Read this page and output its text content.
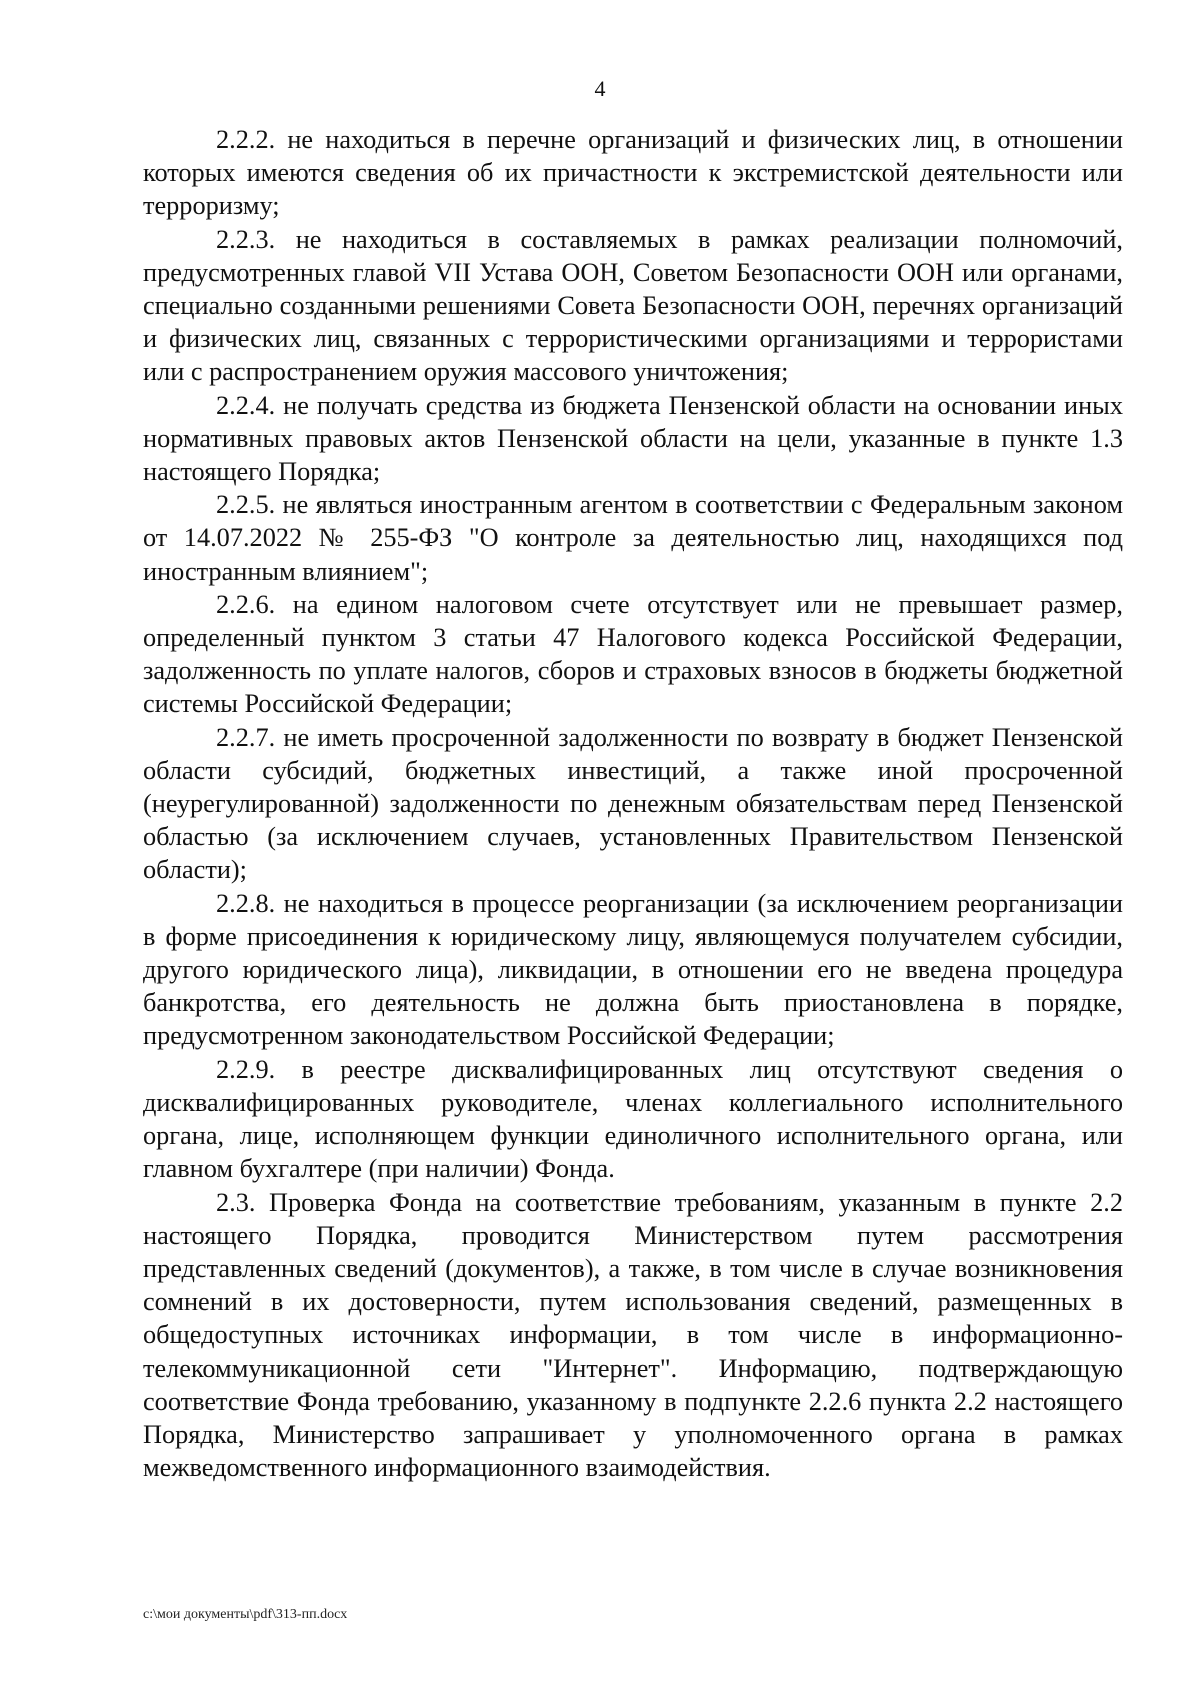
4

2.2.2. не находиться в перечне организаций и физических лиц, в отношении которых имеются сведения об их причастности к экстремистской деятельности или терроризму;

2.2.3. не находиться в составляемых в рамках реализации полномочий, предусмотренных главой VII Устава ООН, Советом Безопасности ООН или органами, специально созданными решениями Совета Безопасности ООН, перечнях организаций и физических лиц, связанных с террористическими организациями и террористами или с распространением оружия массового уничтожения;

2.2.4. не получать средства из бюджета Пензенской области на основании иных нормативных правовых актов Пензенской области на цели, указанные в пункте 1.3 настоящего Порядка;

2.2.5. не являться иностранным агентом в соответствии с Федеральным законом от 14.07.2022 № 255-ФЗ "О контроле за деятельностью лиц, находящихся под иностранным влиянием";

2.2.6. на едином налоговом счете отсутствует или не превышает размер, определенный пунктом 3 статьи 47 Налогового кодекса Российской Федерации, задолженность по уплате налогов, сборов и страховых взносов в бюджеты бюджетной системы Российской Федерации;

2.2.7. не иметь просроченной задолженности по возврату в бюджет Пензенской области субсидий, бюджетных инвестиций, а также иной просроченной (неурегулированной) задолженности по денежным обязательствам перед Пензенской областью (за исключением случаев, установленных Правительством Пензенской области);

2.2.8. не находиться в процессе реорганизации (за исключением реорганизации в форме присоединения к юридическому лицу, являющемуся получателем субсидии, другого юридического лица), ликвидации, в отношении его не введена процедура банкротства, его деятельность не должна быть приостановлена в порядке, предусмотренном законодательством Российской Федерации;

2.2.9. в реестре дисквалифицированных лиц отсутствуют сведения о дисквалифицированных руководителе, членах коллегиального исполнительного органа, лице, исполняющем функции единоличного исполнительного органа, или главном бухгалтере (при наличии) Фонда.

2.3. Проверка Фонда на соответствие требованиям, указанным в пункте 2.2 настоящего Порядка, проводится Министерством путем рассмотрения представленных сведений (документов), а также, в том числе в случае возникновения сомнений в их достоверности, путем использования сведений, размещенных в общедоступных источниках информации, в том числе в информационно-телекоммуникационной сети "Интернет". Информацию, подтверждающую соответствие Фонда требованию, указанному в подпункте 2.2.6 пункта 2.2 настоящего Порядка, Министерство запрашивает у уполномоченного органа в рамках межведомственного информационного взаимодействия.

c:\мои документы\pdf\313-пп.docx
